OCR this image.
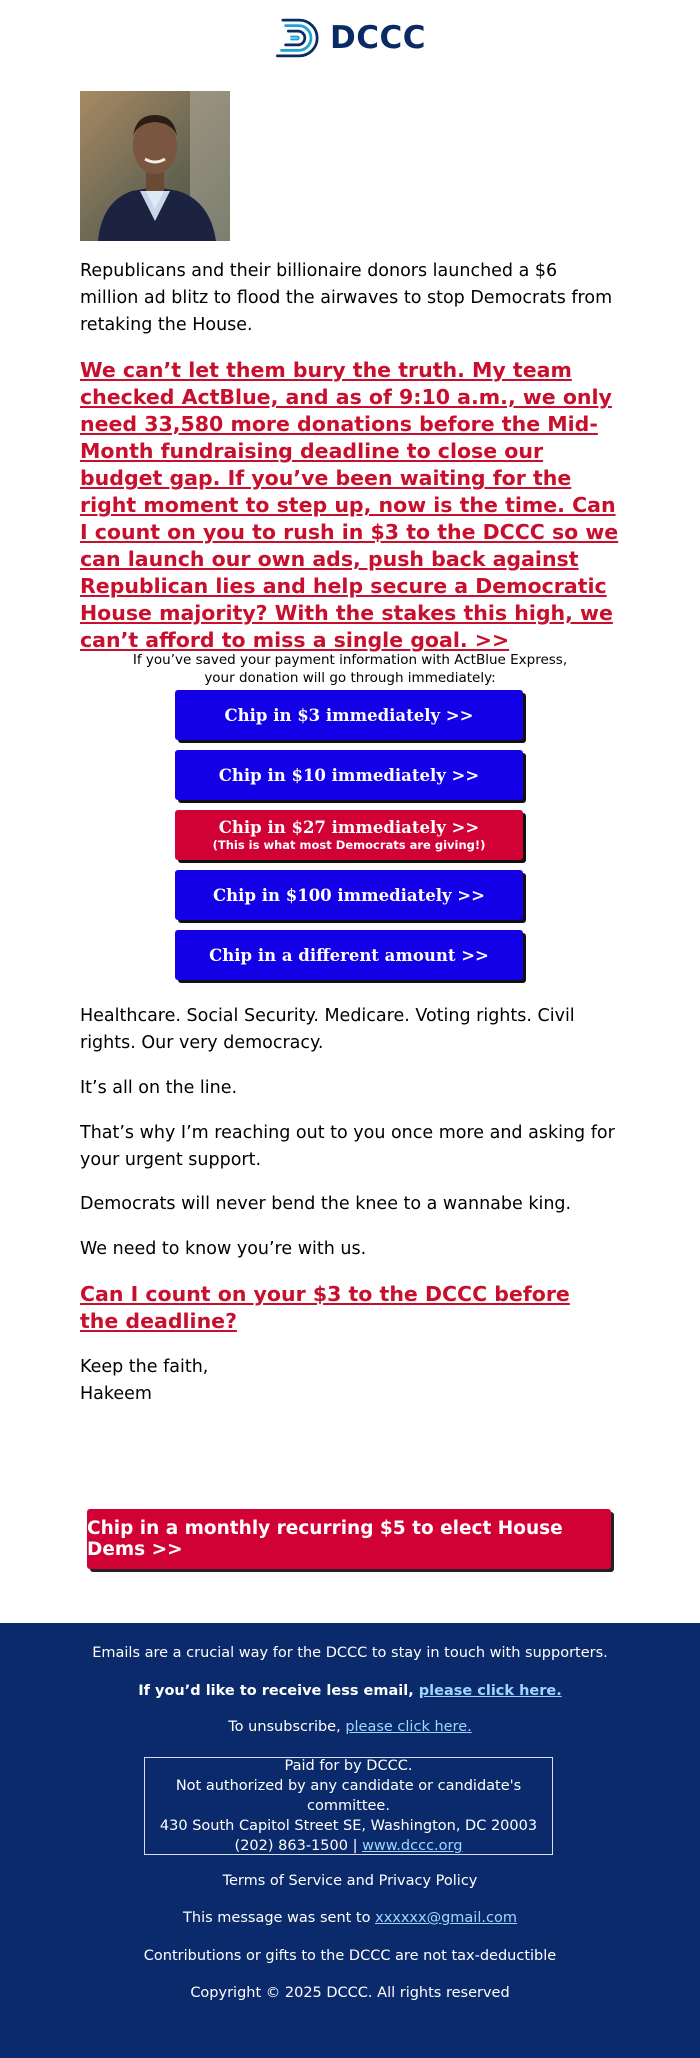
DCCC

Republicans and their billionaire donors launched a $6 million ad blitz to flood the airwaves to stop Democrats from retaking the House.

We can’t let them bury the truth. My team checked ActBlue, and as of 9:10 a.m., we only need 33,580 more donations before the Mid-Month fundraising deadline to close our budget gap. If you’ve been waiting for the right moment to step up, now is the time. Can I count on you to rush in $3 to the DCCC so we can launch our own ads, push back against Republican lies and help secure a Democratic House majority? With the stakes this high, we can’t afford to miss a single goal. >>
If you’ve saved your payment information with ActBlue Express,
your donation will go through immediately:
Chip in $3 immediately >>
Chip in $10 immediately >>
Chip in $27 immediately >>
(This is what most Democrats are giving!)
Chip in $100 immediately >>
Chip in a different amount >>

Healthcare. Social Security. Medicare. Voting rights. Civil rights. Our very democracy.

It’s all on the line.

That’s why I’m reaching out to you once more and asking for your urgent support.

Democrats will never bend the knee to a wannabe king.

We need to know you’re with us.

Can I count on your $3 to the DCCC before the deadline?

Keep the faith,

Hakeem

Chip in a monthly recurring $5 to elect House Dems >>
Emails are a crucial way for the DCCC to stay in touch with supporters.
If you’d like to receive less email, please click here.
To unsubscribe, please click here.
Paid for by DCCC.
Not authorized by any candidate or candidate's committee.
430 South Capitol Street SE, Washington, DC 20003
(202) 863-1500 | www.dccc.org
Terms of Service and Privacy Policy
This message was sent to xxxxxx@gmail.com
Contributions or gifts to the DCCC are not tax-deductible
Copyright © 2025 DCCC. All rights reserved
